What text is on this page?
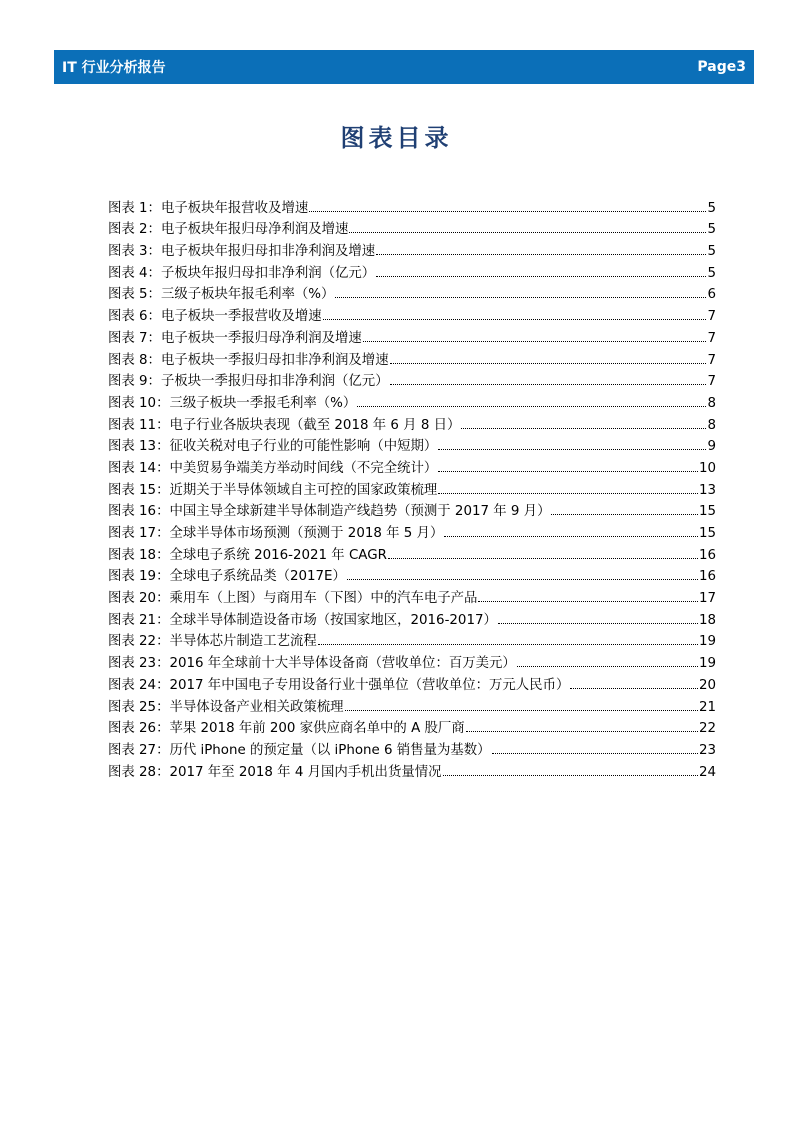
IT 行业分析报告	Page3
图表目录
图表 1：电子板块年报营收及增速	5
图表 2：电子板块年报归母净利润及增速	5
图表 3：电子板块年报归母扣非净利润及增速	5
图表 4：子板块年报归母扣非净利润（亿元）	5
图表 5：三级子板块年报毛利率（%）	6
图表 6：电子板块一季报营收及增速	7
图表 7：电子板块一季报归母净利润及增速	7
图表 8：电子板块一季报归母扣非净利润及增速	7
图表 9：子板块一季报归母扣非净利润（亿元）	7
图表 10：三级子板块一季报毛利率（%）	8
图表 11：电子行业各版块表现（截至 2018 年 6 月 8 日）	8
图表 13：征收关税对电子行业的可能性影响（中短期）	9
图表 14：中美贸易争端美方举动时间线（不完全统计）	10
图表 15：近期关于半导体领域自主可控的国家政策梳理	13
图表 16：中国主导全球新建半导体制造产线趋势（预测于 2017 年 9 月）	15
图表 17：全球半导体市场预测（预测于 2018 年 5 月）	15
图表 18：全球电子系统 2016-2021 年 CAGR	16
图表 19：全球电子系统品类（2017E）	16
图表 20：乘用车（上图）与商用车（下图）中的汽车电子产品	17
图表 21：全球半导体制造设备市场（按国家地区，2016-2017）	18
图表 22：半导体芯片制造工艺流程	19
图表 23：2016 年全球前十大半导体设备商（营收单位：百万美元）	19
图表 24：2017 年中国电子专用设备行业十强单位（营收单位：万元人民币）	20
图表 25：半导体设备产业相关政策梳理	21
图表 26：苹果 2018 年前 200 家供应商名单中的 A 股厂商	22
图表 27：历代 iPhone 的预定量（以 iPhone 6 销售量为基数）	23
图表 28：2017 年至 2018 年 4 月国内手机出货量情况	24
